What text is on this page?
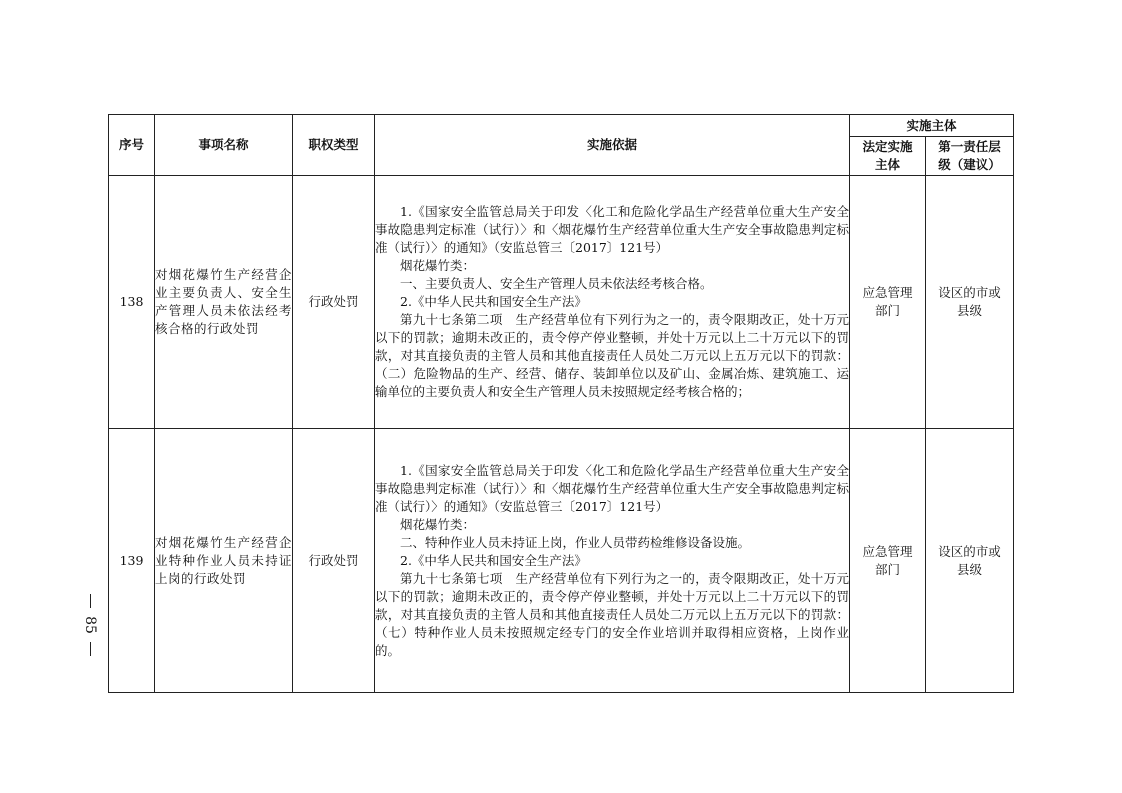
序号	事项名称	职权类型	实施依据	实施主体	
				法定实施主体	第一责任层级（建议）
138	对烟花爆竹生产经营企业主要负责人、安全生产管理人员未依法经考核合格的行政处罚	行政处罚	1.《国家安全监管总局关于印发〈化工和危险化学品生产经营单位重大生产安全事故隐患判定标准（试行）〉和〈烟花爆竹生产经营单位重大生产安全事故隐患判定标准（试行）〉的通知》（安监总管三〔2017〕121号）
烟花爆竹类：
一、主要负责人、安全生产管理人员未依法经考核合格。
2.《中华人民共和国安全生产法》
第九十七条第二项　生产经营单位有下列行为之一的，责令限期改正，处十万元以下的罚款；逾期未改正的，责令停产停业整顿，并处十万元以上二十万元以下的罚款，对其直接负责的主管人员和其他直接责任人员处二万元以上五万元以下的罚款：（二）危险物品的生产、经营、储存、装卸单位以及矿山、金属冶炼、建筑施工、运输单位的主要负责人和安全生产管理人员未按照规定经考核合格的；	应急管理部门	设区的市或县级
139	对烟花爆竹生产经营企业特种作业人员未持证上岗的行政处罚	行政处罚	1.《国家安全监管总局关于印发〈化工和危险化学品生产经营单位重大生产安全事故隐患判定标准（试行）〉和〈烟花爆竹生产经营单位重大生产安全事故隐患判定标准（试行）〉的通知》（安监总管三〔2017〕121号）
烟花爆竹类：
二、特种作业人员未持证上岗，作业人员带药检维修设备设施。
2.《中华人民共和国安全生产法》
第九十七条第七项　生产经营单位有下列行为之一的，责令限期改正，处十万元以下的罚款；逾期未改正的，责令停产停业整顿，并处十万元以上二十万元以下的罚款，对其直接负责的主管人员和其他直接责任人员处二万元以上五万元以下的罚款：（七）特种作业人员未按照规定经专门的安全作业培训并取得相应资格，上岗作业的。	应急管理部门	设区的市或县级
85
